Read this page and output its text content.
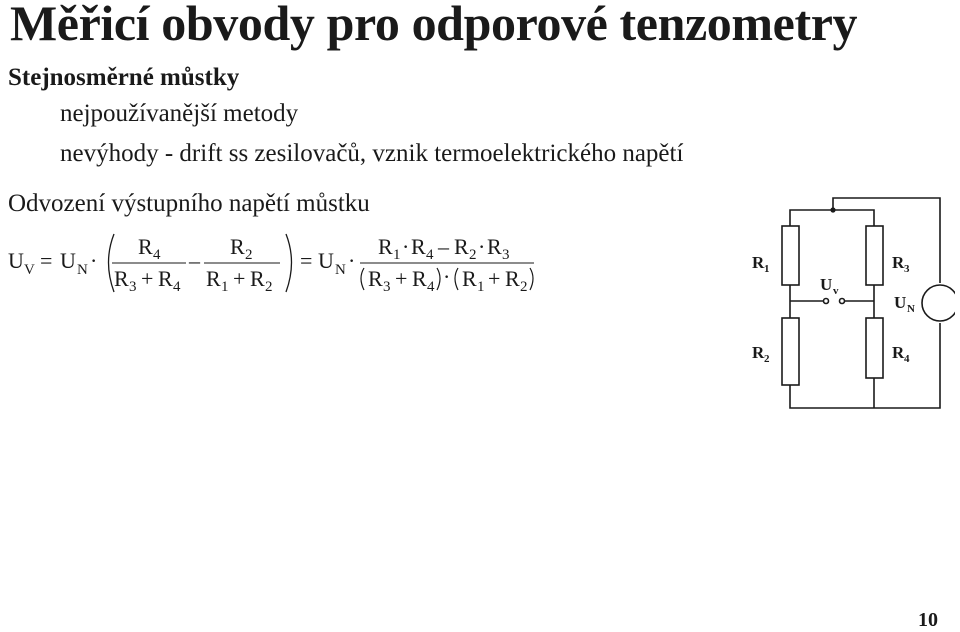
Měřicí obvody pro odporové tenzometry
Stejnosměrné můstky
nejpoužívanější metody
nevýhody - drift ss zesilovačů, vznik termoelektrického napětí
Odvození výstupního napětí můstku
U V = U N ·
R 4
R 3 + R 4
–
R 2
R 1 + R 2
= U N ·
R 1 · R 4 – R 2 · R 3
R 3 + R 4 · R 1 + R 2
R 1
R 2
R 3
R 4
U v
U N
10
